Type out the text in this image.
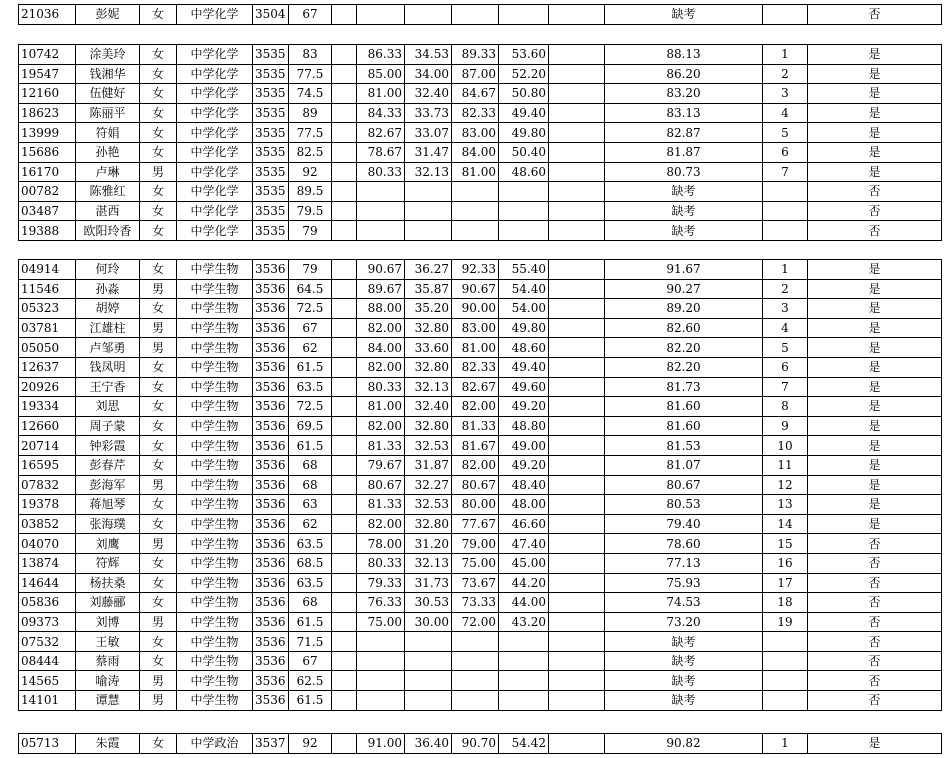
21036	彭妮	女	中学化学	3504	67							缺考		否
10742	涂美玲	女	中学化学	3535	83		86.33	34.53	89.33	53.60		88.13	1	是
19547	钱湘华	女	中学化学	3535	77.5		85.00	34.00	87.00	52.20		86.20	2	是
12160	伍健好	女	中学化学	3535	74.5		81.00	32.40	84.67	50.80		83.20	3	是
18623	陈丽平	女	中学化学	3535	89		84.33	33.73	82.33	49.40		83.13	4	是
13999	符娟	女	中学化学	3535	77.5		82.67	33.07	83.00	49.80		82.87	5	是
15686	孙艳	女	中学化学	3535	82.5		78.67	31.47	84.00	50.40		81.87	6	是
16170	卢琳	男	中学化学	3535	92		80.33	32.13	81.00	48.60		80.73	7	是
00782	陈雅红	女	中学化学	3535	89.5							缺考		否
03487	湛西	女	中学化学	3535	79.5							缺考		否
19388	欧阳玲香	女	中学化学	3535	79							缺考		否
04914	何玲	女	中学生物	3536	79		90.67	36.27	92.33	55.40		91.67	1	是
11546	孙淼	男	中学生物	3536	64.5		89.67	35.87	90.67	54.40		90.27	2	是
05323	胡婷	女	中学生物	3536	72.5		88.00	35.20	90.00	54.00		89.20	3	是
03781	江雄柱	男	中学生物	3536	67		82.00	32.80	83.00	49.80		82.60	4	是
05050	卢邹勇	男	中学生物	3536	62		84.00	33.60	81.00	48.60		82.20	5	是
12637	钱凤明	女	中学生物	3536	61.5		82.00	32.80	82.33	49.40		82.20	6	是
20926	王宁香	女	中学生物	3536	63.5		80.33	32.13	82.67	49.60		81.73	7	是
19334	刘思	女	中学生物	3536	72.5		81.00	32.40	82.00	49.20		81.60	8	是
12660	周子蒙	女	中学生物	3536	69.5		82.00	32.80	81.33	48.80		81.60	9	是
20714	钟彩霞	女	中学生物	3536	61.5		81.33	32.53	81.67	49.00		81.53	10	是
16595	彭春芹	女	中学生物	3536	68		79.67	31.87	82.00	49.20		81.07	11	是
07832	彭海军	男	中学生物	3536	68		80.67	32.27	80.67	48.40		80.67	12	是
19378	蒋旭琴	女	中学生物	3536	63		81.33	32.53	80.00	48.00		80.53	13	是
03852	张海璞	女	中学生物	3536	62		82.00	32.80	77.67	46.60		79.40	14	是
04070	刘鹰	男	中学生物	3536	63.5		78.00	31.20	79.00	47.40		78.60	15	否
13874	符辉	女	中学生物	3536	68.5		80.33	32.13	75.00	45.00		77.13	16	否
14644	杨扶桑	女	中学生物	3536	63.5		79.33	31.73	73.67	44.20		75.93	17	否
05836	刘藤郦	女	中学生物	3536	68		76.33	30.53	73.33	44.00		74.53	18	否
09373	刘博	男	中学生物	3536	61.5		75.00	30.00	72.00	43.20		73.20	19	否
07532	王敏	女	中学生物	3536	71.5							缺考		否
08444	蔡雨	女	中学生物	3536	67							缺考		否
14565	喻涛	男	中学生物	3536	62.5							缺考		否
14101	谭慧	男	中学生物	3536	61.5							缺考		否
05713	朱霞	女	中学政治	3537	92		91.00	36.40	90.70	54.42		90.82	1	是
